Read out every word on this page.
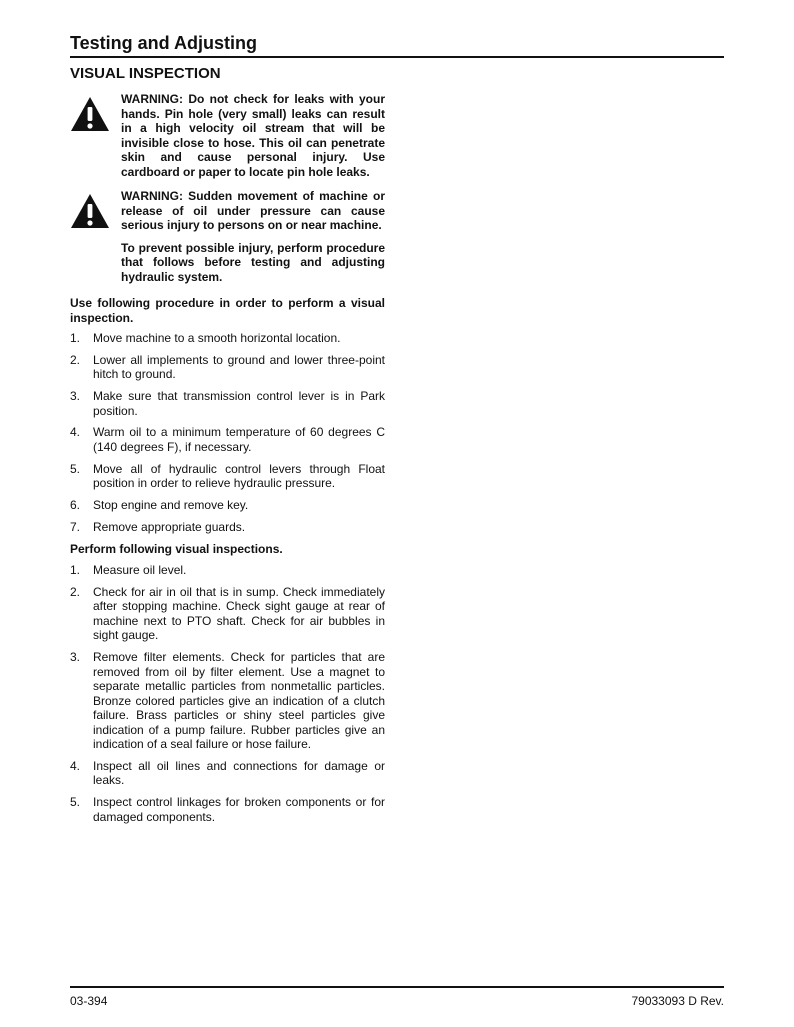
Testing and Adjusting
VISUAL INSPECTION

WARNING: Do not check for leaks with your hands. Pin hole (very small) leaks can result in a high velocity oil stream that will be invisible close to hose. This oil can penetrate skin and cause personal injury. Use cardboard or paper to locate pin hole leaks.

WARNING: Sudden movement of machine or release of oil under pressure can cause serious injury to persons on or near machine.

To prevent possible injury, perform procedure that follows before testing and adjusting hydraulic system.

Use following procedure in order to perform a visual inspection.

1.	Move machine to a smooth horizontal location.
2.	Lower all implements to ground and lower three-point hitch to ground.
3.	Make sure that transmission control lever is in Park position.
4.	Warm oil to a minimum temperature of 60 degrees C (140 degrees F), if necessary.
5.	Move all of hydraulic control levers through Float position in order to relieve hydraulic pressure.
6.	Stop engine and remove key.
7.	Remove appropriate guards.

Perform following visual inspections.

1.	Measure oil level.
2.	Check for air in oil that is in sump. Check immediately after stopping machine. Check sight gauge at rear of machine next to PTO shaft. Check for air bubbles in sight gauge.
3.	Remove filter elements. Check for particles that are removed from oil by filter element. Use a magnet to separate metallic particles from nonmetallic particles. Bronze colored particles give an indication of a clutch failure. Brass particles or shiny steel particles give indication of a pump failure. Rubber particles give an indication of a seal failure or hose failure.
4.	Inspect all oil lines and connections for damage or leaks.
5.	Inspect control linkages for broken components or for damaged components.
03-394	79033093 D Rev.
